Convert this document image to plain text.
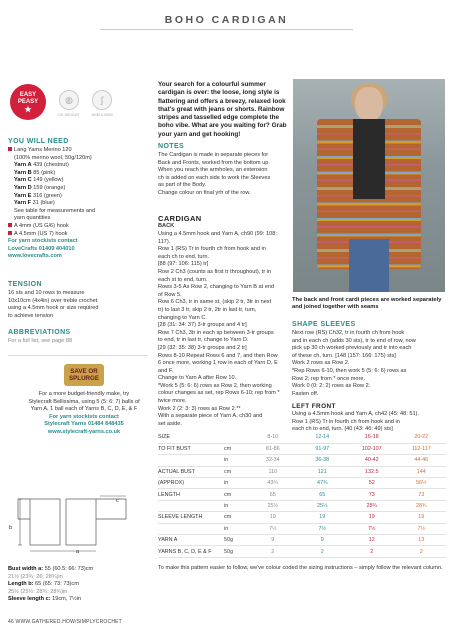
BOHO CARDIGAN
EASY
PEASY
★
◍
DK WEIGHT
ʃ
4MM 4.5MM
YOU WILL NEED
Lang Yarns Merino 120
(100% merino wool, 50g/120m)
Yarn A 439 (chestnut)
Yarn B 85 (pink)
Yarn C 149 (yellow)
Yarn D 159 (orange)
Yarn E 316 (green)
Yarn F 31 (blue)
See table for measurements and
yarn quantities
A 4mm (US G/6) hook
A 4.5mm (US 7) hook
For yarn stockists contact
LoveCrafts 01409 404010
www.lovecrafts.com
TENSION
16 sts and 10 rows to measure
10x10cm (4x4in) over treble crochet
using a 4.5mm hook or size required
to achieve tension
ABBREVIATIONS
For a full list, see page 88
SAVE OR
SPLURGE
For a more budget-friendly make, try
Stylecraft Bellissima, using 5 (5: 6: 7) balls of
Yarn A, 1 ball each of Yarns B, C, D, E, & F
For yarn stockists contact
Stylecraft Yarns 01484 848435
www.stylecraft-yarns.co.uk
b
c
a
Bust width a: 55 (60.5: 66: 73)cm
21½ (23¾: 26: 28¾)in
Length b: 65 (65: 73: 73)cm
25½ (25½: 28¾: 28¾)in
Sleeve length c: 19cm, 7½in
Your search for a colourful summer cardigan is over: the loose, long style is flattering and offers a breezy, relaxed look that's great with jeans or shorts. Rainbow stripes and tasselled edge complete the boho vibe. What are you waiting for? Grab your yarn and get hooking!
NOTES
The Cardigan is made in separate pieces for
Back and Fronts, worked from the bottom up.
When you reach the armholes, an extension
ch is added on each side to work the Sleeves
as part of the Body.
Change colour on final yrh of the row.
CARDIGAN
BACK
Using a 4.5mm hook and Yarn A, ch90 (99: 108:
117).
Row 1 (RS) Tr in fourth ch from hook and in
each ch to end, turn.
[88 (97: 106: 115) tr]
Row 2 Ch3 (counts as first tr throughout), tr in
each st to end, turn.
Rows 3-5 As Row 2, changing to Yarn B at end
of Row 5.
Row 6 Ch3, tr in same st, (skip 2 tr, 3tr in next
tr) to last 3 tr, skip 2 tr, 2tr in last tr, turn,
changing to Yarn C.
[28 (31: 34: 37) 3-tr groups and 4 tr]
Row 7 Ch3, 3tr in each sp between 3-tr groups
to end, tr in last tr, change to Yarn D.
[29 (32: 35: 38) 3-tr groups and 2 tr]
Rows 8-10 Repeat Rows 6 and 7, and then Row
6 once more, working 1 row in each of Yarn D, E
and F.
Change to Yarn A after Row 10.
*Work 5 (5: 6: 6) rows as Row 2, then working
colour changes as set, rep Rows 6-10; rep from *
twice more.
Work 2 (2: 3: 3) rows as Row 2.**
With a separate piece of Yarn A, ch30 and
set aside.
The back and front cardi pieces are worked separately and joined together with seams
SHAPE SLEEVES
Next row (RS) Ch32, tr in fourth ch from hook
and in each ch (adds 30 sts), tr to end of row, now
pick up 30 ch worked previously and tr into each
of these ch, turn. [148 (157: 166: 175) sts]
Work 2 rows as Row 2.
*Rep Rows 6-10, then work 5 (5: 6: 6) rows as
Row 2; rep from * once more.
Work 0 (0: 2: 2) rows as Row 2.
Fasten off.
LEFT FRONT
Using a 4.5mm hook and Yarn A, ch42 (45: 48: 51).
Row 1 (RS) Tr in fourth ch from hook and in
each ch to end, turn. [40 (43: 46: 49) sts]
SIZE		8-10	12-14	16-18	20-22
TO FIT BUST	cm	81-86	91-97	102-107	112-117
	in	32-34	36-38	40-42	44-46
ACTUAL BUST	cm	110	121	132.5	144
(APPROX)	in	43¼	47¾	52	56½
LENGTH	cm	65	65	73	73
	in	25½	25½	28¾	28¾
SLEEVE LENGTH	cm	19	19	19	19
	in	7½	7½	7½	7½
YARN A	50g	9	9	12	13
YARNS B, C, D, E & F	50g	2	2	2	2
To make this pattern easier to follow, we've colour coded the sizing instructions – simply follow the relevant column.
46 WWW.GATHERED.HOW/SIMPLYCROCHET
